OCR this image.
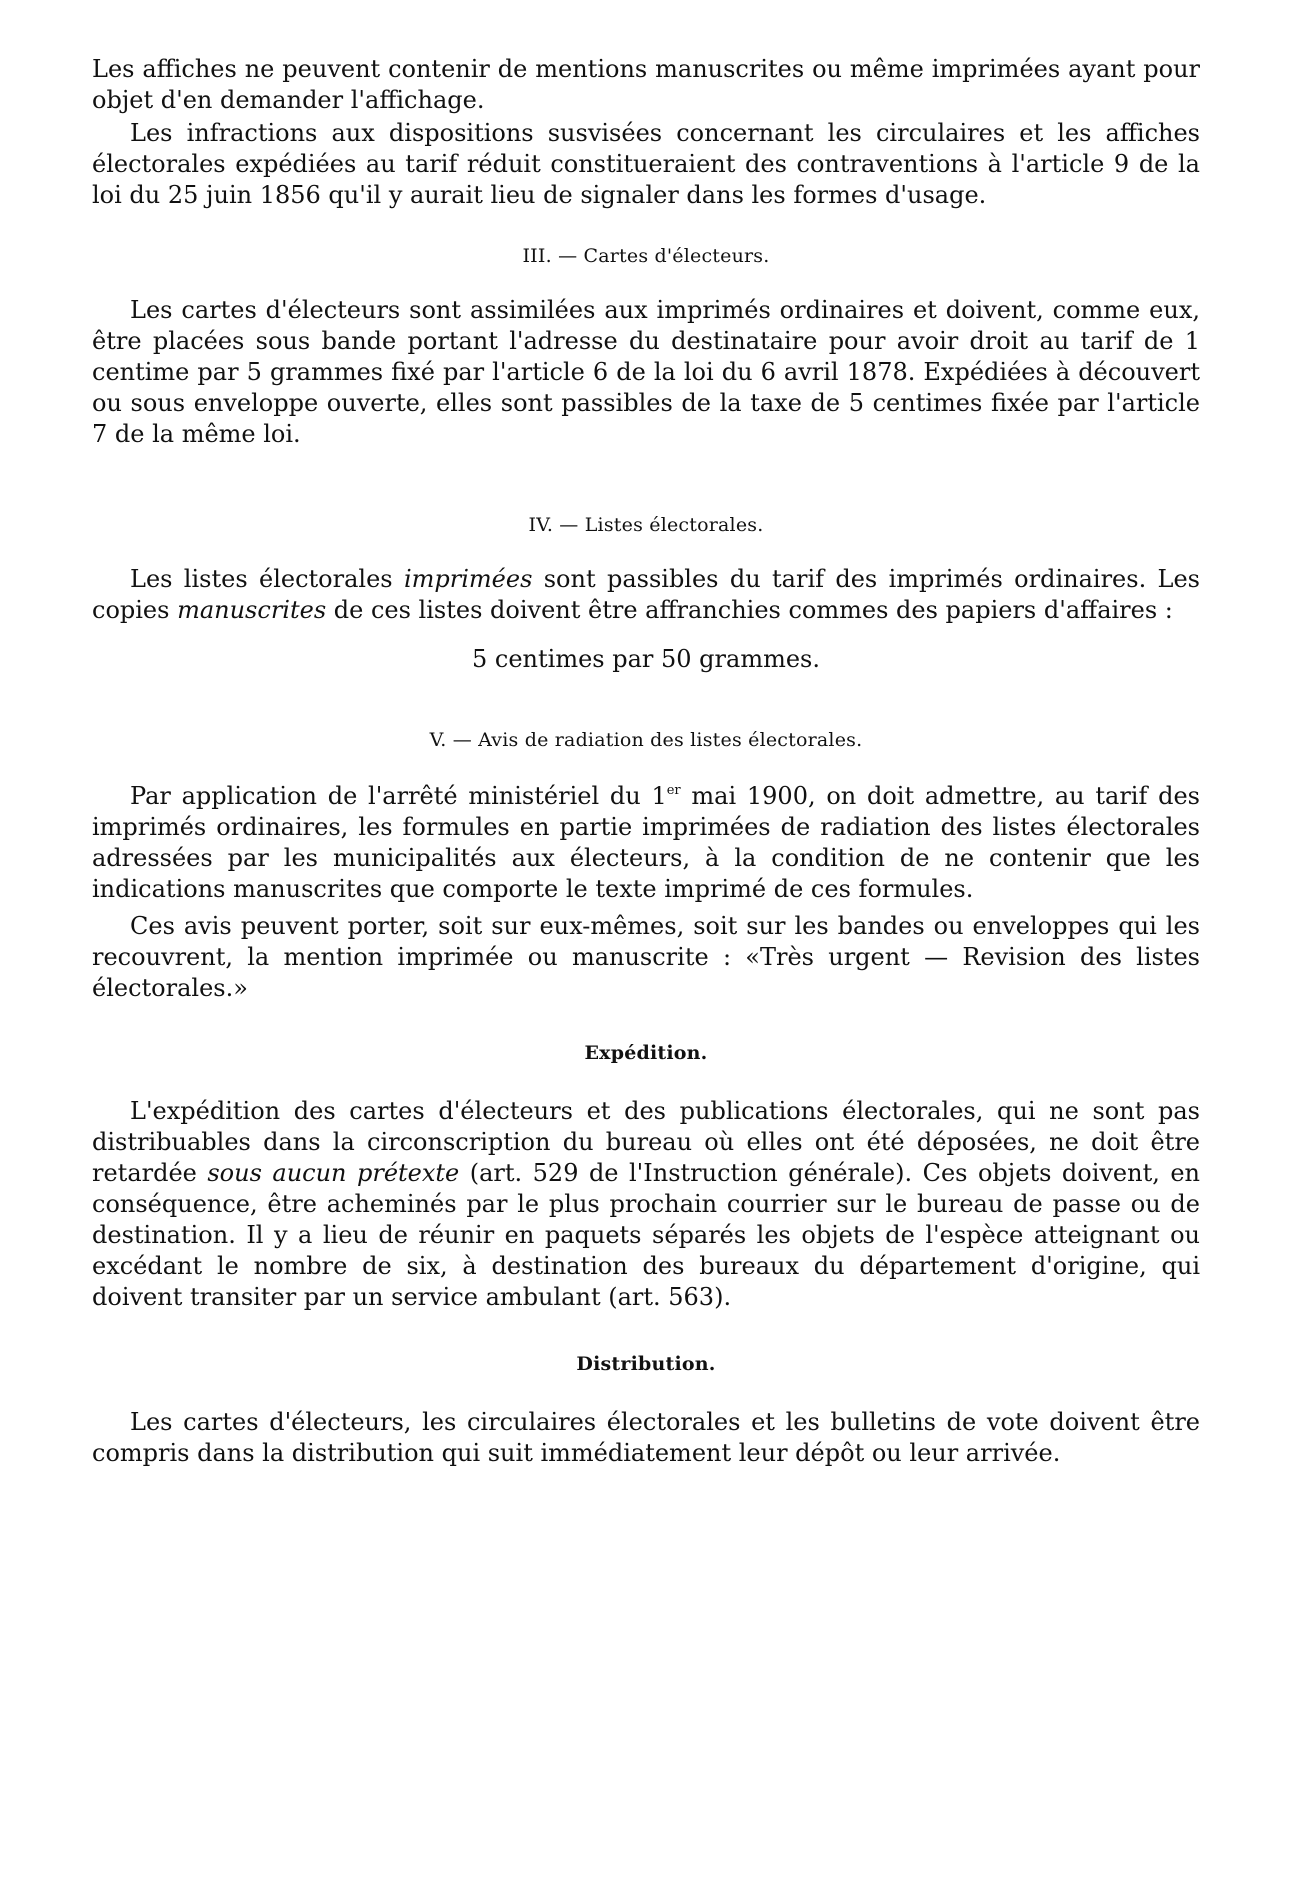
Les affiches ne peuvent contenir de mentions manuscrites ou même imprimées ayant pour objet d'en demander l'affichage.

Les infractions aux dispositions susvisées concernant les circulaires et les affiches électorales expédiées au tarif réduit constitueraient des contraventions à l'article 9 de la loi du 25 juin 1856 qu'il y aurait lieu de signaler dans les formes d'usage.

III. — Cartes d'électeurs.

Les cartes d'électeurs sont assimilées aux imprimés ordinaires et doivent, comme eux, être placées sous bande portant l'adresse du destinataire pour avoir droit au tarif de 1 centime par 5 grammes fixé par l'article 6 de la loi du 6 avril 1878. Expédiées à découvert ou sous enveloppe ouverte, elles sont passibles de la taxe de 5 centimes fixée par l'article 7 de la même loi.

IV. — Listes électorales.

Les listes électorales imprimées sont passibles du tarif des imprimés ordinaires. Les copies manuscrites de ces listes doivent être affranchies commes des papiers d'affaires :

5 centimes par 50 grammes.

V. — Avis de radiation des listes électorales.

Par application de l'arrêté ministériel du 1er mai 1900, on doit admettre, au tarif des imprimés ordinaires, les formules en partie imprimées de radiation des listes électorales adressées par les municipalités aux électeurs, à la condition de ne contenir que les indications manuscrites que comporte le texte imprimé de ces formules.

Ces avis peuvent porter, soit sur eux-mêmes, soit sur les bandes ou enveloppes qui les recouvrent, la mention imprimée ou manuscrite : «Très urgent — Revision des listes électorales.»

Expédition.

L'expédition des cartes d'électeurs et des publications électorales, qui ne sont pas distribuables dans la circonscription du bureau où elles ont été déposées, ne doit être retardée sous aucun prétexte (art. 529 de l'Instruction générale). Ces objets doivent, en conséquence, être acheminés par le plus prochain courrier sur le bureau de passe ou de destination. Il y a lieu de réunir en paquets séparés les objets de l'espèce atteignant ou excédant le nombre de six, à destination des bureaux du département d'origine, qui doivent transiter par un service ambulant (art. 563).

Distribution.

Les cartes d'électeurs, les circulaires électorales et les bulletins de vote doivent être compris dans la distribution qui suit immédiatement leur dépôt ou leur arrivée.
